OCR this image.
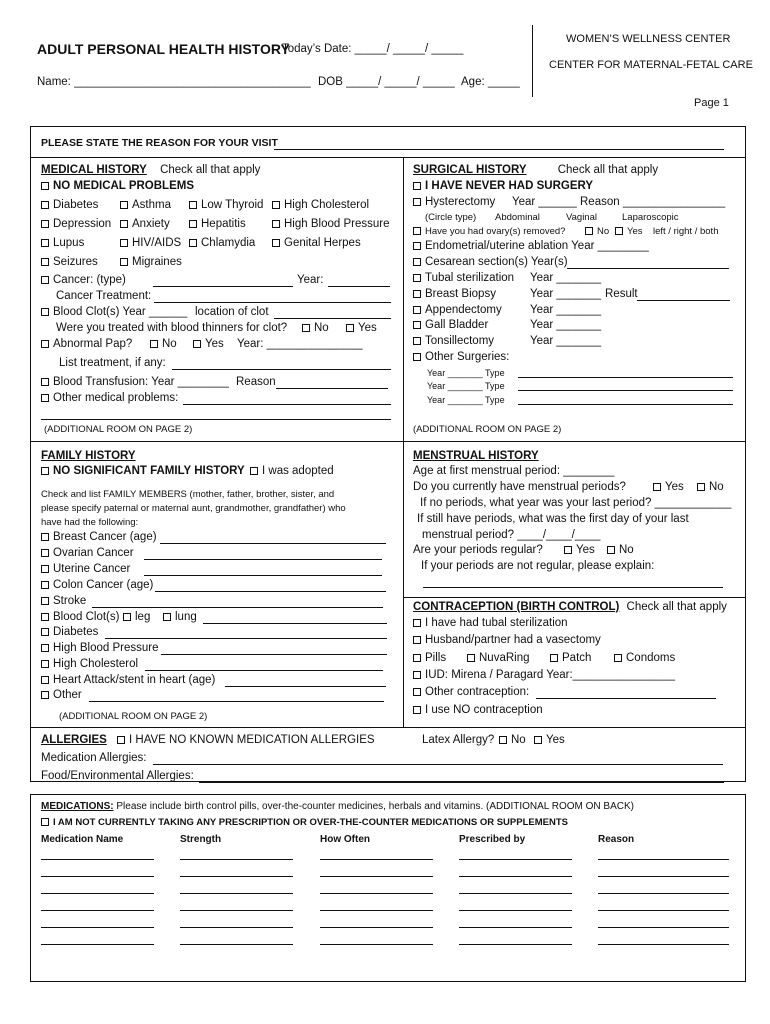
ADULT PERSONAL HEALTH HISTORY
Today’s Date: _____/ _____/ _____
Name: _____________________________________ DOB _____/ _____/ _____ Age: _____
WOMEN’S WELLNESS CENTER
CENTER FOR MATERNAL-FETAL CARE
Page 1
PLEASE STATE THE REASON FOR YOUR VISIT
MEDICAL HISTORY Check all that apply
NO MEDICAL PROBLEMS
Diabetes	Asthma	Low Thyroid	High Cholesterol
Depression	Anxiety	Hepatitis	High Blood Pressure
Lupus	HIV/AIDS	Chlamydia	Genital Herpes
Seizures	Migraines
Cancer: (type)	Year:
Cancer Treatment:
Blood Clot(s) Year ______ location of clot
Were you treated with blood thinners for clot?	No	Yes
Abnormal Pap?	No	Yes Year: _______________
List treatment, if any:
Blood Transfusion: Year ________ Reason
Other medical problems:
(ADDITIONAL ROOM ON PAGE 2)
SURGICAL HISTORY	Check all that apply
I HAVE NEVER HAD SURGERY
Hysterectomy Year ______ Reason ________________
(Circle type) Abdominal	Vaginal	Laparoscopic
Have you had ovary(s) removed?	No	Yes left / right / both
Endometrial/uterine ablation Year ________
Cesarean section(s) Year(s)
Tubal sterilization Year _______
Breast Biopsy	Year _______ Result
Appendectomy Year _______
Gall Bladder	Year _______
Tonsillectomy	Year _______
Other Surgeries:
Year _______ Type
Year _______ Type
Year _______ Type
(ADDITIONAL ROOM ON PAGE 2)
FAMILY HISTORY
NO SIGNIFICANT FAMILY HISTORY	I was adopted
Check and list FAMILY MEMBERS (mother, father, brother, sister, and
please specify paternal or maternal aunt, grandmother, grandfather) who
have had the following:
Breast Cancer (age)
Ovarian Cancer
Uterine Cancer
Colon Cancer (age)
Stroke
Blood Clot(s)	leg	lung
Diabetes
High Blood Pressure
High Cholesterol
Heart Attack/stent in heart (age)
Other
(ADDITIONAL ROOM ON PAGE 2)
MENSTRUAL HISTORY
Age at first menstrual period: ________
Do you currently have menstrual periods?	Yes	No
If no periods, what year was your last period? ____________
If still have periods, what was the first day of your last
menstrual period? ____/____/____
Are your periods regular?	Yes	No
If your periods are not regular, please explain:
CONTRACEPTION (BIRTH CONTROL) Check all that apply
I have had tubal sterilization
Husband/partner had a vasectomy
Pills	NuvaRing	Patch	Condoms
IUD: Mirena / Paragard Year:________________
Other contraception:
I use NO contraception
ALLERGIES	I HAVE NO KNOWN MEDICATION ALLERGIES	Latex Allergy?	No	Yes
Medication Allergies:
Food/Environmental Allergies:
MEDICATIONS: Please include birth control pills, over-the-counter medicines, herbals and vitamins. (ADDITIONAL ROOM ON BACK)
I AM NOT CURRENTLY TAKING ANY PRESCRIPTION OR OVER-THE-COUNTER MEDICATIONS OR SUPPLEMENTS
Medication Name	Strength	How Often	Prescribed by	Reason
